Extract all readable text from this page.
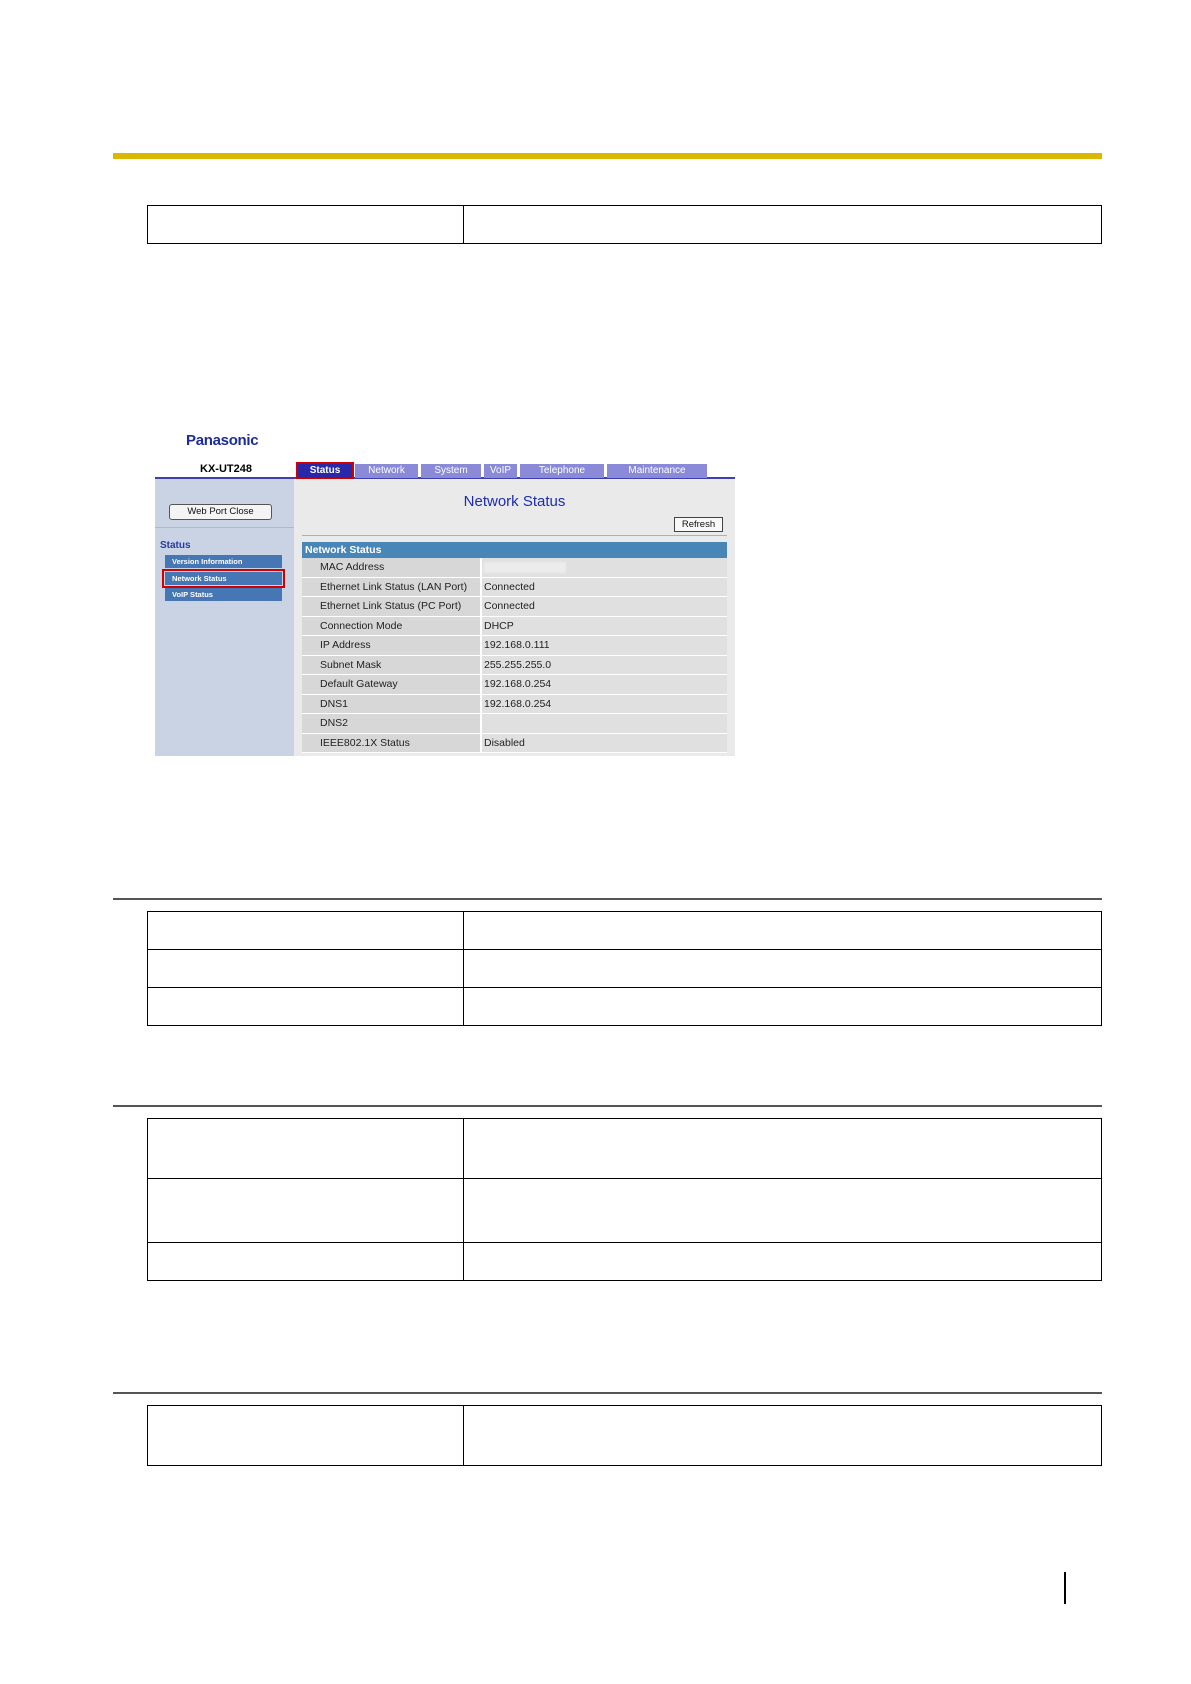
Panasonic
KX-UT248	Status	Network	System	VoIP	Telephone	Maintenance
Web Port Close
Status
Version Information
Network Status
VoIP Status
Network Status
Refresh
Network Status
MAC Address
Ethernet Link Status (LAN Port)	Connected
Ethernet Link Status (PC Port)	Connected
Connection Mode	DHCP
IP Address	192.168.0.111
Subnet Mask	255.255.255.0
Default Gateway	192.168.0.254
DNS1	192.168.0.254
DNS2
IEEE802.1X Status	Disabled
